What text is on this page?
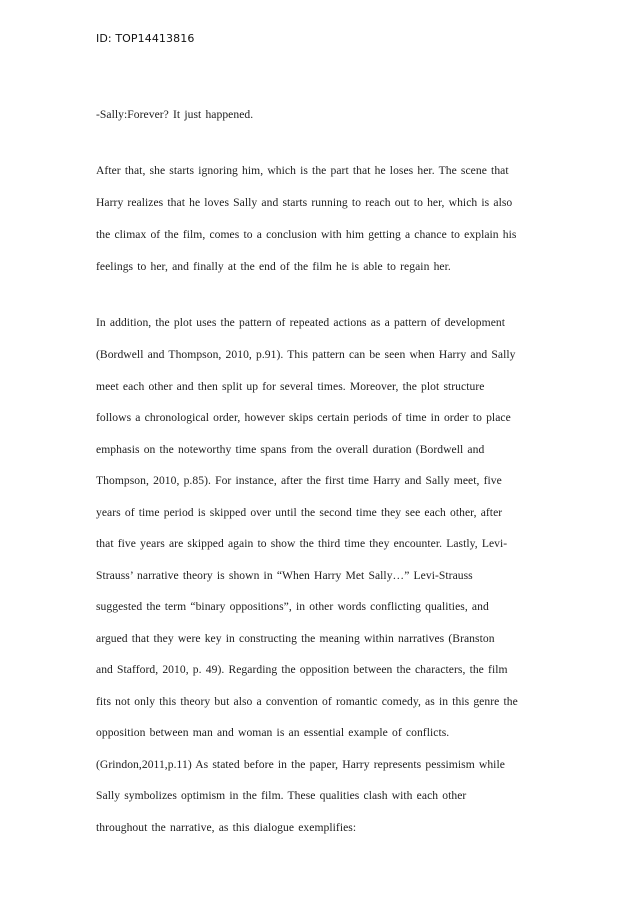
ID: TOP14413816
-Sally:Forever? It just happened.
After that, she starts ignoring him, which is the part that he loses her. The scene that
Harry realizes that he loves Sally and starts running to reach out to her, which is also
the climax of the film, comes to a conclusion with him getting a chance to explain his
feelings to her, and finally at the end of the film he is able to regain her.
In addition, the plot uses the pattern of repeated actions as a pattern of development
(Bordwell and Thompson, 2010, p.91). This pattern can be seen when Harry and Sally
meet each other and then split up for several times. Moreover, the plot structure
follows a chronological order, however skips certain periods of time in order to place
emphasis on the noteworthy time spans from the overall duration (Bordwell and
Thompson, 2010, p.85). For instance, after the first time Harry and Sally meet, five
years of time period is skipped over until the second time they see each other, after
that five years are skipped again to show the third time they encounter. Lastly, Levi-
Strauss’ narrative theory is shown in “When Harry Met Sally…” Levi-Strauss
suggested the term “binary oppositions”, in other words conflicting qualities, and
argued that they were key in constructing the meaning within narratives (Branston
and Stafford, 2010, p. 49). Regarding the opposition between the characters, the film
fits not only this theory but also a convention of romantic comedy, as in this genre the
opposition between man and woman is an essential example of conflicts.
(Grindon,2011,p.11) As stated before in the paper, Harry represents pessimism while
Sally symbolizes optimism in the film. These qualities clash with each other
throughout the narrative, as this dialogue exemplifies:
